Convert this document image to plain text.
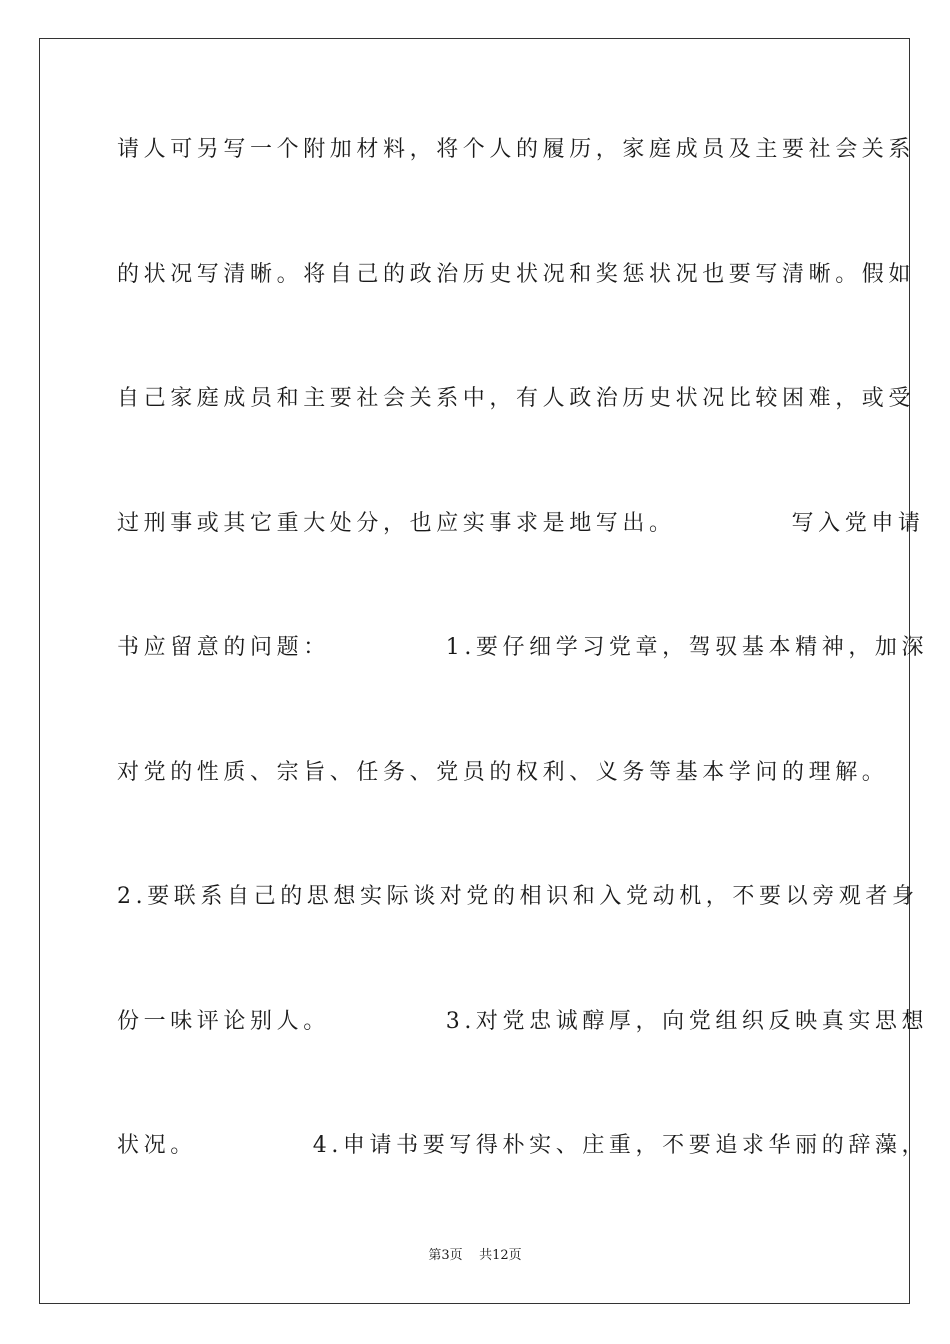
请人可另写一个附加材料，将个人的履历，家庭成员及主要社会关系
的状况写清晰。将自己的政治历史状况和奖惩状况也要写清晰。假如
自己家庭成员和主要社会关系中，有人政治历史状况比较困难，或受
过刑事或其它重大处分，也应实事求是地写出。          写入党申请
书应留意的问题：          1.要仔细学习党章，驾驭基本精神，加深
对党的性质、宗旨、任务、党员的权利、义务等基本学问的理解。
2.要联系自己的思想实际谈对党的相识和入党动机，不要以旁观者身
份一味评论别人。          3.对党忠诚醇厚，向党组织反映真实思想
状况。          4.申请书要写得朴实、庄重，不要追求华丽的辞藻，
第3页    共12页
